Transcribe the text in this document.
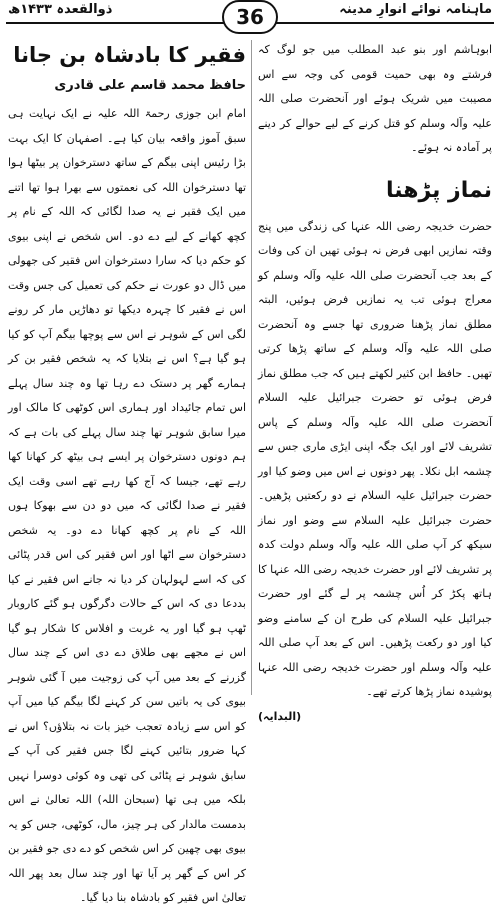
ماہنامہ نوائے انوارِ مدینہ
ذوالقعدہ ۱۴۳۳ھ	36

ابوہاشم اور بنو عبد المطلب میں جو لوگ کہ فرشتے وہ بھی حمیت قومی کی وجہ سے اس مصیبت میں شریک ہوئے اور آنحضرت صلی اللہ علیہ وآلہ وسلم کو قتل کرنے کے لیے حوالے کر دینے پر آمادہ نہ ہوئے۔

نماز پڑھنا

حضرت خدیجہ رضی اللہ عنہا کی زندگی میں پنج وقتہ نمازیں ابھی فرض نہ ہوئی تھیں ان کی وفات کے بعد جب آنحضرت صلی اللہ علیہ وآلہ وسلم کو معراج ہوئی تب یہ نمازیں فرض ہوئیں، البتہ مطلق نماز پڑھنا ضروری تھا جسے وہ آنحضرت صلی اللہ علیہ وآلہ وسلم کے ساتھ پڑھا کرتی تھیں۔ حافظ ابن کثیر لکھتے ہیں کہ جب مطلق نماز فرض ہوئی تو حضرت جبرائیل علیہ السلام آنحضرت صلی اللہ علیہ وآلہ وسلم کے پاس تشریف لائے اور ایک جگہ اپنی ایڑی ماری جس سے چشمہ ابل نکلا۔ پھر دونوں نے اس میں وضو کیا اور حضرت جبرائیل علیہ السلام نے دو رکعتیں پڑھیں۔ حضرت جبرائیل علیہ السلام سے وضو اور نماز سیکھ کر آپ صلی اللہ علیہ وآلہ وسلم دولت کدہ پر تشریف لائے اور حضرت خدیجہ رضی اللہ عنہا کا ہاتھ پکڑ کر اُس چشمہ پر لے گئے اور حضرت جبرائیل علیہ السلام کی طرح ان کے سامنے وضو کیا اور دو رکعت پڑھیں۔ اس کے بعد آپ صلی اللہ علیہ وآلہ وسلم اور حضرت خدیجہ رضی اللہ عنہا پوشیدہ نماز پڑھا کرتے تھے۔

(البدایہ)

فقیر کا بادشاہ بن جانا
حافظ محمد قاسم علی قادری

امام ابن جوزی رحمۃ اللہ علیہ نے ایک نہایت ہی سبق آموز واقعہ بیان کیا ہے۔ اصفہان کا ایک بہت بڑا رئیس اپنی بیگم کے ساتھ دسترخوان پر بیٹھا ہوا تھا دسترخوان اللہ کی نعمتوں سے بھرا ہوا تھا اتنے میں ایک فقیر نے یہ صدا لگائی کہ اللہ کے نام پر کچھ کھانے کے لیے دے دو۔ اس شخص نے اپنی بیوی کو حکم دیا کہ سارا دسترخوان اس فقیر کی جھولی میں ڈال دو عورت نے حکم کی تعمیل کی جس وقت اس نے فقیر کا چہرہ دیکھا تو دھاڑیں مار کر رونے لگی اس کے شوہر نے اس سے پوچھا بیگم آپ کو کیا ہو گیا ہے؟ اس نے بتلایا کہ یہ شخص فقیر بن کر ہمارے گھر پر دستک دے رہا تھا وہ چند سال پہلے اس تمام جائیداد اور ہماری اس کوٹھی کا مالک اور میرا سابق شوہر تھا چند سال پہلے کی بات ہے کہ ہم دونوں دسترخوان پر ایسے ہی بیٹھ کر کھانا کھا رہے تھے، جیسا کہ آج کھا رہے تھے اسی وقت ایک فقیر نے صدا لگائی کہ میں دو دن سے بھوکا ہوں اللہ کے نام پر کچھ کھانا دے دو۔ یہ شخص دسترخوان سے اٹھا اور اس فقیر کی اس قدر پٹائی کی کہ اسے لہولہان کر دیا نہ جانے اس فقیر نے کیا بددعا دی کہ اس کے حالات دگرگوں ہو گئے کاروبار ٹھپ ہو گیا اور یہ غربت و افلاس کا شکار ہو گیا اس نے مجھے بھی طلاق دے دی اس کے چند سال گزرنے کے بعد میں آپ کی زوجیت میں آ گئی شوہر بیوی کی یہ باتیں سن کر کہنے لگا بیگم کیا میں آپ کو اس سے زیادہ تعجب خیز بات نہ بتلاؤں؟ اس نے کہا ضرور بتائیں کہنے لگا جس فقیر کی آپ کے سابق شوہر نے پٹائی کی تھی وہ کوئی دوسرا نہیں بلکہ میں ہی تھا (سبحان اللہ) اللہ تعالیٰ نے اس بدمست مالدار کی ہر چیز، مال، کوٹھی، جس کو یہ بیوی بھی چھین کر اس شخص کو دے دی جو فقیر بن کر اس کے گھر پر آیا تھا اور چند سال بعد پھر اللہ تعالیٰ اس فقیر کو بادشاہ بنا دیا گیا۔
